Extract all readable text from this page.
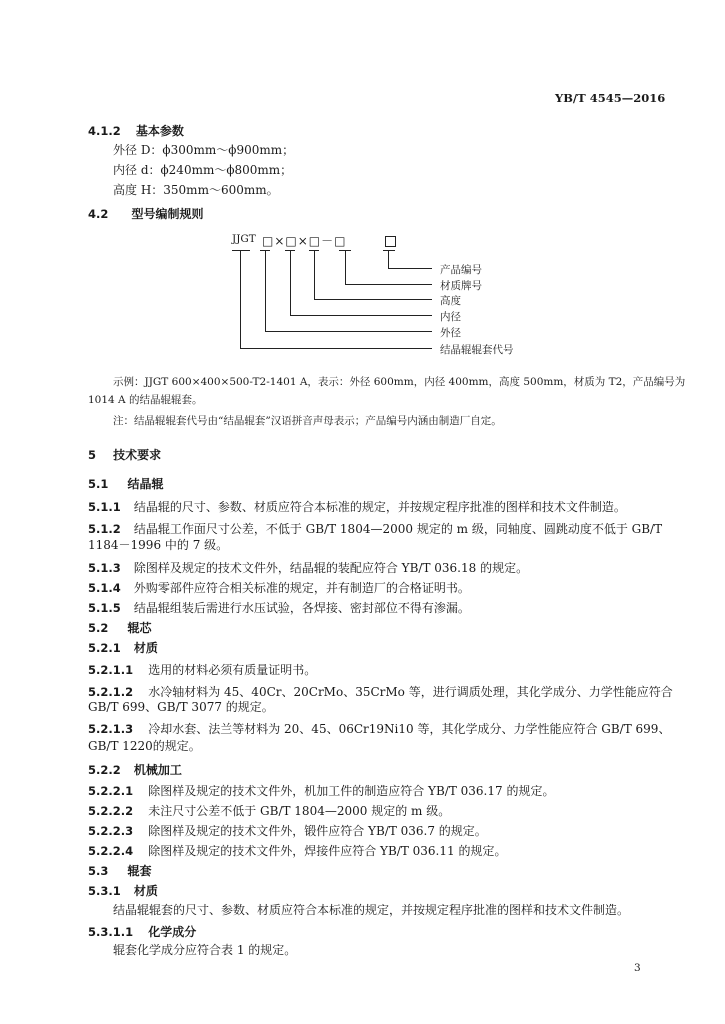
YB/T 4545—2016
4.1.2 基本参数
外径 D：ϕ300mm～ϕ900mm；
内径 d：ϕ240mm～ϕ800mm；
高度 H：350mm～600mm。
4.2 型号编制规则
JJGT □×□×□－□
产品编号
材质牌号
高度
内径
外径
结晶辊辊套代号
示例：JJGT 600×400×500-T2-1401 A，表示：外径 600mm，内径 400mm，高度 500mm，材质为 T2，产品编号为
1014 A 的结晶辊辊套。
注：结晶辊辊套代号由“结晶辊套”汉语拼音声母表示；产品编号内涵由制造厂自定。
5 技术要求
5.1 结晶辊
5.1.1 结晶辊的尺寸、参数、材质应符合本标准的规定，并按规定程序批准的图样和技术文件制造。
5.1.2 结晶辊工作面尺寸公差，不低于 GB/T 1804—2000 规定的 m 级，同轴度、圆跳动度不低于 GB/T
1184－1996 中的 7 级。
5.1.3 除图样及规定的技术文件外，结晶辊的装配应符合 YB/T 036.18 的规定。
5.1.4 外购零部件应符合相关标准的规定，并有制造厂的合格证明书。
5.1.5 结晶辊组装后需进行水压试验，各焊接、密封部位不得有渗漏。
5.2 辊芯
5.2.1 材质
5.2.1.1 选用的材料必须有质量证明书。
5.2.1.2 水冷轴材料为 45、40Cr、20CrMo、35CrMo 等，进行调质处理，其化学成分、力学性能应符合
GB/T 699、GB/T 3077 的规定。
5.2.1.3 冷却水套、法兰等材料为 20、45、06Cr19Ni10 等，其化学成分、力学性能应符合 GB/T 699、
GB/T 1220的规定。
5.2.2 机械加工
5.2.2.1 除图样及规定的技术文件外，机加工件的制造应符合 YB/T 036.17 的规定。
5.2.2.2 未注尺寸公差不低于 GB/T 1804—2000 规定的 m 级。
5.2.2.3 除图样及规定的技术文件外，锻件应符合 YB/T 036.7 的规定。
5.2.2.4 除图样及规定的技术文件外，焊接件应符合 YB/T 036.11 的规定。
5.3 辊套
5.3.1 材质
结晶辊辊套的尺寸、参数、材质应符合本标准的规定，并按规定程序批准的图样和技术文件制造。
5.3.1.1 化学成分
辊套化学成分应符合表 1 的规定。
3
